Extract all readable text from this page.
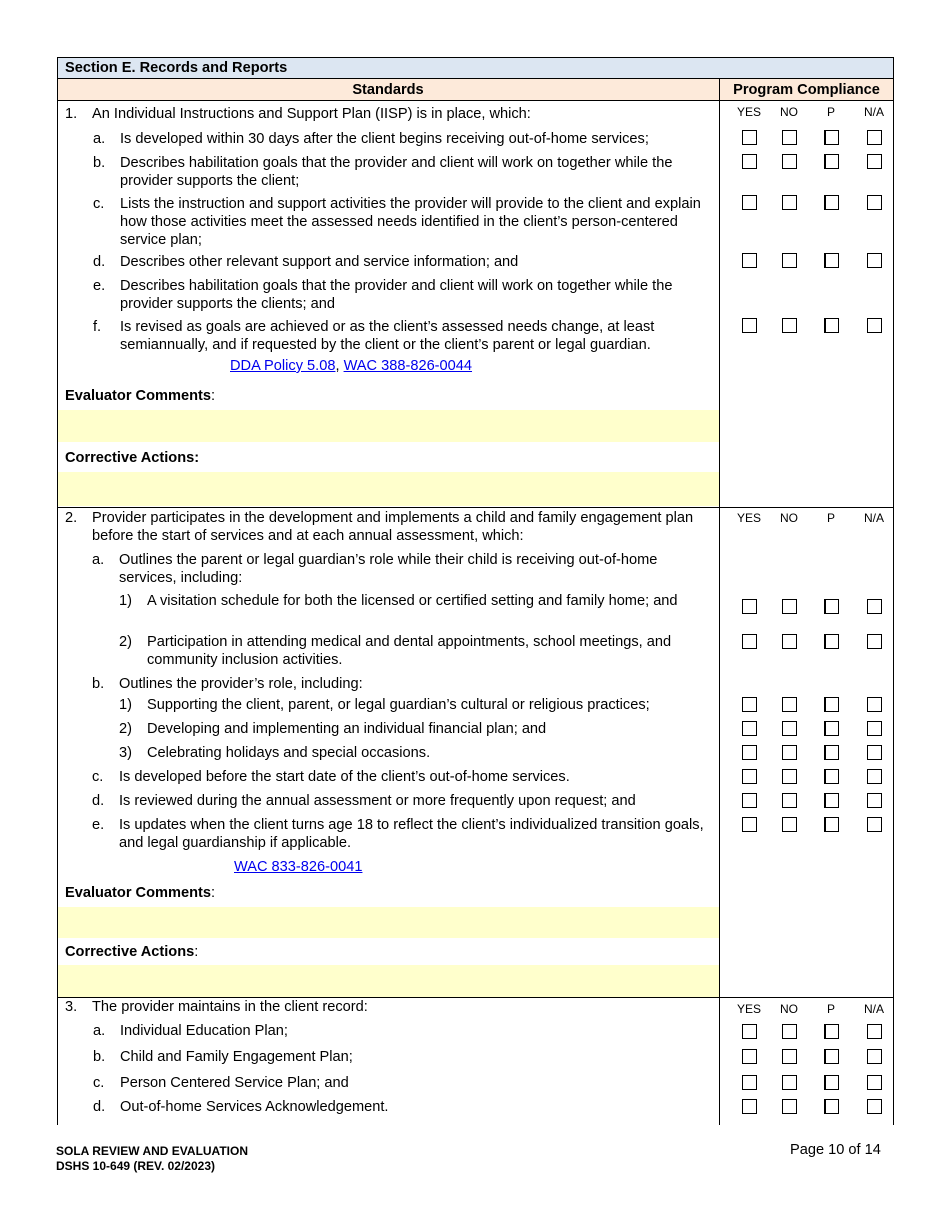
Section E. Records and Reports
Standards	Program Compliance
1. An Individual Instructions and Support Plan (IISP) is in place, which:	YES	NO	P	N/A
a. Is developed within 30 days after the client begins receiving out-of-home services;
b. Describes habilitation goals that the provider and client will work on together while the provider supports the client;
c. Lists the instruction and support activities the provider will provide to the client and explain how those activities meet the assessed needs identified in the client’s person-centered service plan;
d. Describes other relevant support and service information; and
e. Describes habilitation goals that the provider and client will work on together while the provider supports the clients; and
f. Is revised as goals are achieved or as the client’s assessed needs change, at least semiannually, and if requested by the client or the client’s parent or legal guardian.
DDA Policy 5.08, WAC 388-826-0044
Evaluator Comments:
Corrective Actions:
2. Provider participates in the development and implements a child and family engagement plan before the start of services and at each annual assessment, which:
YES	NO	P	N/A
a. Outlines the parent or legal guardian’s role while their child is receiving out-of-home services, including:
1) A visitation schedule for both the licensed or certified setting and family home; and
2) Participation in attending medical and dental appointments, school meetings, and community inclusion activities.
b. Outlines the provider’s role, including:
1) Supporting the client, parent, or legal guardian’s cultural or religious practices;
2) Developing and implementing an individual financial plan; and
3) Celebrating holidays and special occasions.
c. Is developed before the start date of the client’s out-of-home services.
d. Is reviewed during the annual assessment or more frequently upon request; and
e. Is updates when the client turns age 18 to reflect the client’s individualized transition goals, and legal guardianship if applicable.
WAC 833-826-0041
Evaluator Comments:
Corrective Actions:
3. The provider maintains in the client record:	YES	NO	P	N/A
a. Individual Education Plan;
b. Child and Family Engagement Plan;
c. Person Centered Service Plan; and
d. Out-of-home Services Acknowledgement.
SOLA REVIEW AND EVALUATION
DSHS 10-649 (REV. 02/2023)
Page 10 of 14
